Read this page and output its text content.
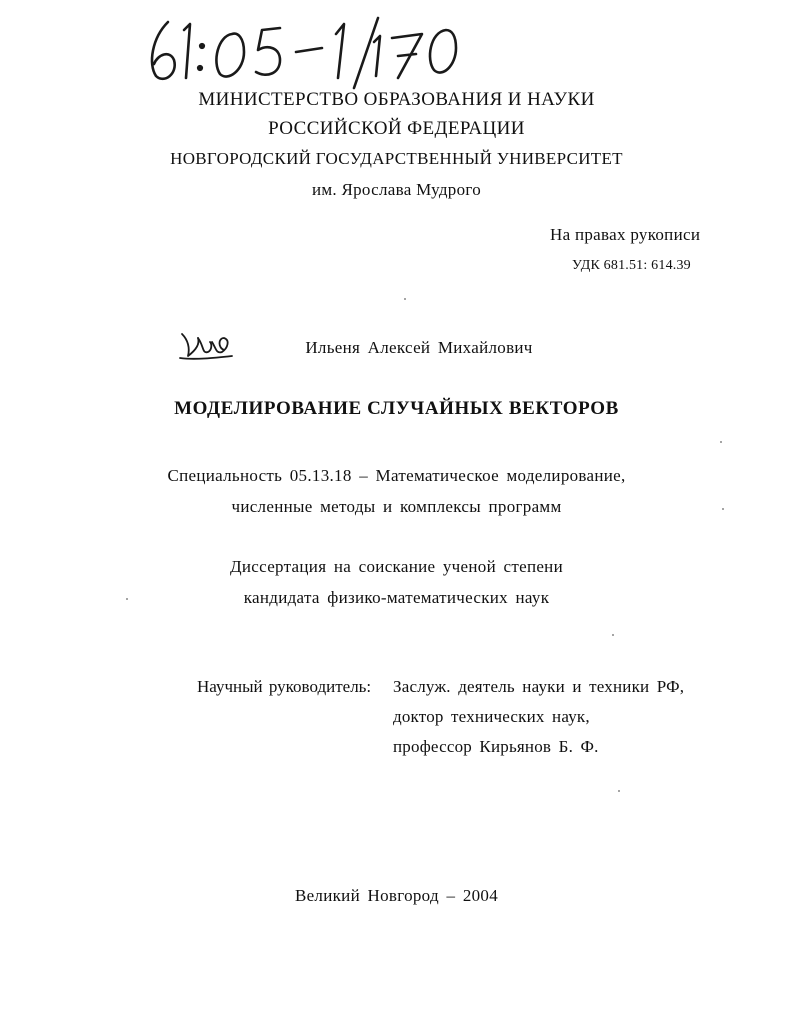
МИНИСТЕРСТВО ОБРАЗОВАНИЯ И НАУКИ
РОССИЙСКОЙ ФЕДЕРАЦИИ
НОВГОРОДСКИЙ ГОСУДАРСТВЕННЫЙ УНИВЕРСИТЕТ
им. Ярослава Мудрого
На правах рукописи
УДК 681.51: 614.39
Ильеня Алексей Михайлович
МОДЕЛИРОВАНИЕ СЛУЧАЙНЫХ ВЕКТОРОВ
Специальность 05.13.18 – Математическое моделирование,
численные методы и комплексы программ
Диссертация на соискание ученой степени
кандидата физико-математических наук
Научный руководитель: Заслуж. деятель науки и техники РФ,
доктор технических наук,
профессор Кирьянов Б. Ф.
Великий Новгород – 2004
